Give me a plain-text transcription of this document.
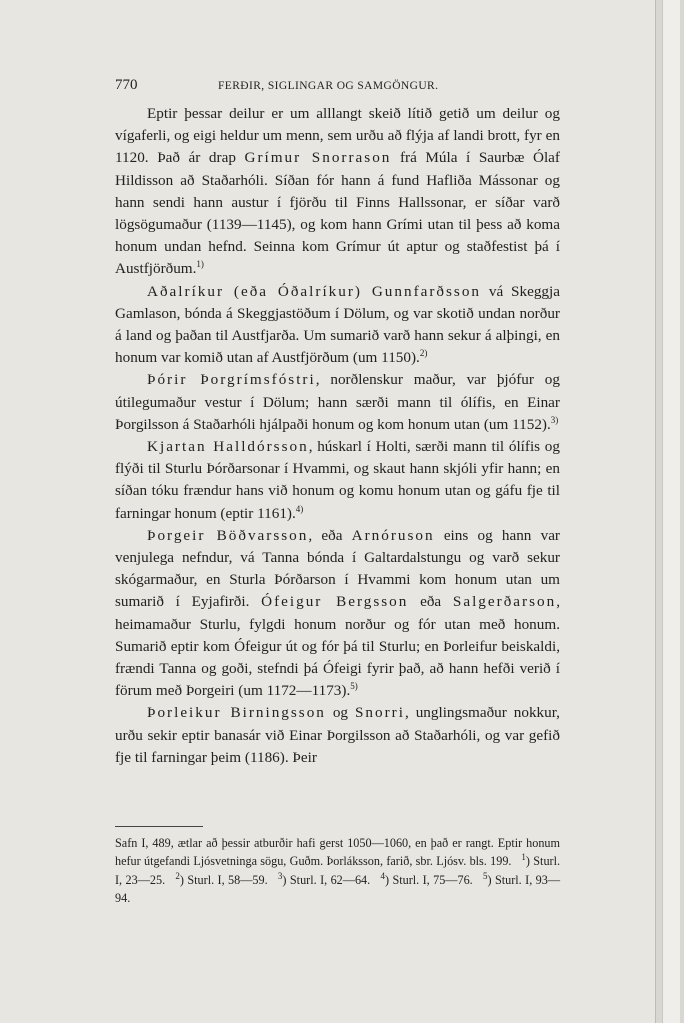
770	FERÐIR, SIGLINGAR OG SAMGÖNGUR.

Eptir þessar deilur er um alllangt skeið lítið getið um deilur og vígaferli, og eigi heldur um menn, sem urðu að flýja af landi brott, fyr en 1120. Það ár drap Grímur Snorrason frá Múla í Saurbæ Ólaf Hildisson að Staðarhóli. Síðan fór hann á fund Hafliða Mássonar og hann sendi hann austur í fjörðu til Finns Hallssonar, er síðar varð lögsögumaður (1139—1145), og kom hann Grími utan til þess að koma honum undan hefnd. Seinna kom Grímur út aptur og staðfestist þá í Austfjörðum.$^{1)}$

Aðalríkur (eða Óðalríkur) Gunnfarðsson vá Skeggja Gamlason, bónda á Skeggjastöðum í Dölum, og var skotið undan norður á land og þaðan til Austfjarða. Um sumarið varð hann sekur á alþingi, en honum var komið utan af Austfjörðum (um 1150).$^{2)}$

Þórir Þorgrímsfóstri, norðlenskur maður, var þjófur og útilegumaður vestur í Dölum; hann særði mann til ólífis, en Einar Þorgilsson á Staðarhóli hjálpaði honum og kom honum utan (um 1152).$^{3)}$

Kjartan Halldórsson, húskarl í Holti, særði mann til ólífis og flýði til Sturlu Þórðarsonar í Hvammi, og skaut hann skjóli yfir hann; en síðan tóku frændur hans við honum og komu honum utan og gáfu fje til farningar honum (eptir 1161).$^{4)}$

Þorgeir Böðvarsson, eða Arnóruson eins og hann var venjulega nefndur, vá Tanna bónda í Galtardalstungu og varð sekur skógarmaður, en Sturla Þórðarson í Hvammi kom honum utan um sumarið í Eyjafirði. Ófeigur Bergsson eða Salgerðarson, heimamaður Sturlu, fylgdi honum norður og fór utan með honum. Sumarið eptir kom Ófeigur út og fór þá til Sturlu; en Þorleifur beiskaldi, frændi Tanna og goði, stefndi þá Ófeigi fyrir það, að hann hefði verið í förum með Þorgeiri (um 1172—1173).$^{5)}$

Þorleikur Birningsson og Snorri, unglingsmaður nokkur, urðu sekir eptir banasár við Einar Þorgilsson að Staðarhóli, og var gefið fje til farningar þeim (1186). Þeir

Safn I, 489, ætlar að þessir atburðir hafi gerst 1050—1060, en það er rangt. Eptir honum hefur útgefandi Ljósvetninga sögu, Guðm. Þorláksson, farið, sbr. Ljósv. bls. 199. $^1$) Sturl. I, 23—25. $^2$) Sturl. I, 58—59. $^3$) Sturl. I, 62—64. $^4$) Sturl. I, 75—76. $^5$) Sturl. I, 93—94.
